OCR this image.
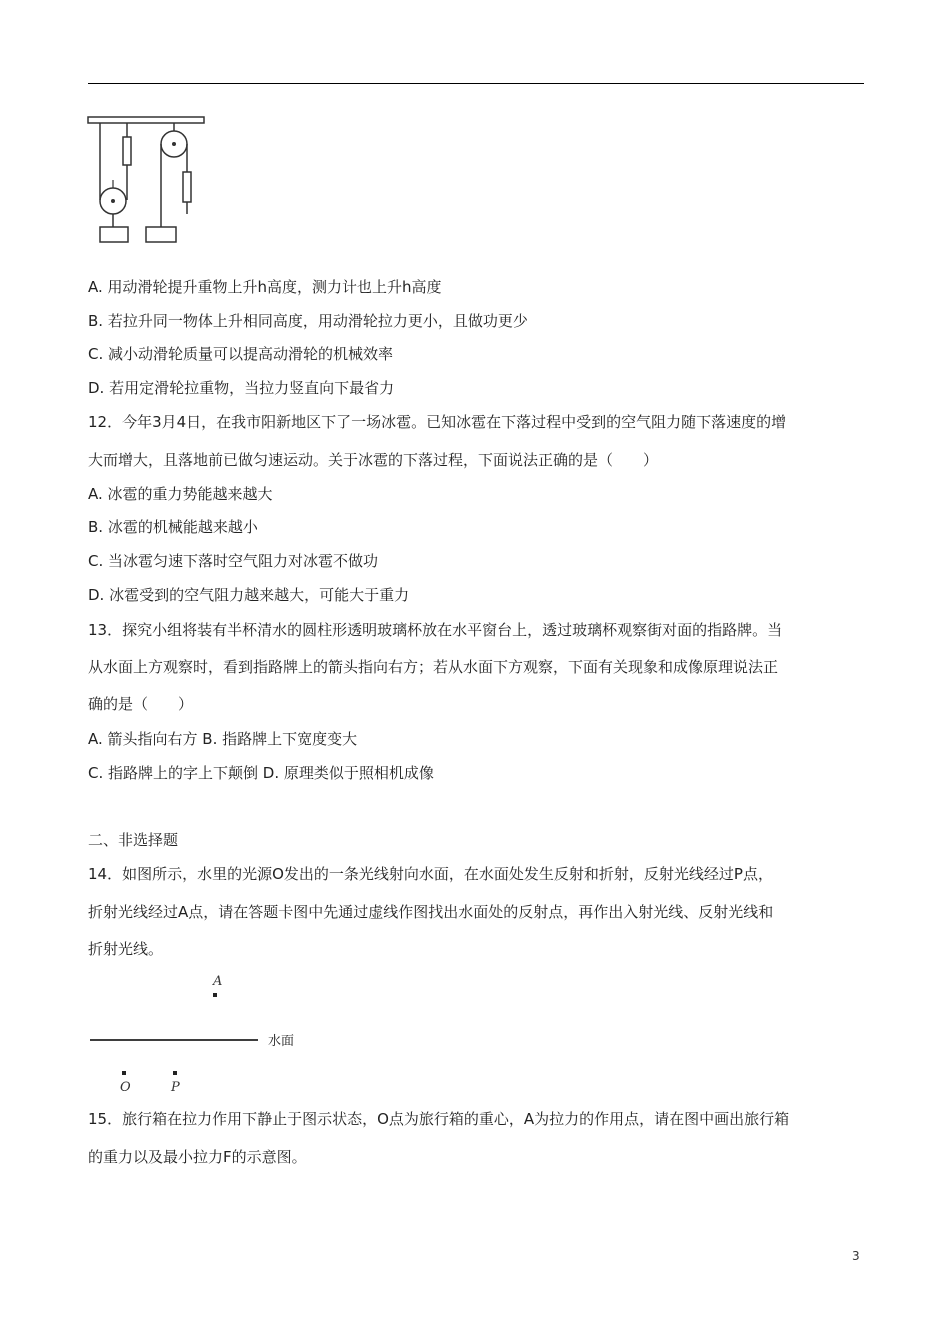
A. 用动滑轮提升重物上升h高度，测力计也上升h高度
B. 若拉升同一物体上升相同高度，用动滑轮拉力更小，且做功更少
C. 减小动滑轮质量可以提高动滑轮的机械效率
D. 若用定滑轮拉重物，当拉力竖直向下最省力
12．今年3月4日，在我市阳新地区下了一场冰雹。已知冰雹在下落过程中受到的空气阻力随下落速度的增
大而增大，且落地前已做匀速运动。关于冰雹的下落过程，下面说法正确的是（　　）
A. 冰雹的重力势能越来越大
B. 冰雹的机械能越来越小
C. 当冰雹匀速下落时空气阻力对冰雹不做功
D. 冰雹受到的空气阻力越来越大，可能大于重力
13．探究小组将装有半杯清水的圆柱形透明玻璃杯放在水平窗台上，透过玻璃杯观察街对面的指路牌。当
从水面上方观察时，看到指路牌上的箭头指向右方；若从水面下方观察，下面有关现象和成像原理说法正
确的是（　　）
A. 箭头指向右方 B. 指路牌上下宽度变大
C. 指路牌上的字上下颠倒 D. 原理类似于照相机成像
二、非选择题
14．如图所示，水里的光源O发出的一条光线射向水面，在水面处发生反射和折射，反射光线经过P点，
折射光线经过A点，请在答题卡图中先通过虚线作图找出水面处的反射点，再作出入射光线、反射光线和
折射光线。
A
水面
O	P
15．旅行箱在拉力作用下静止于图示状态，O点为旅行箱的重心，A为拉力的作用点，请在图中画出旅行箱
的重力以及最小拉力F的示意图。
3
